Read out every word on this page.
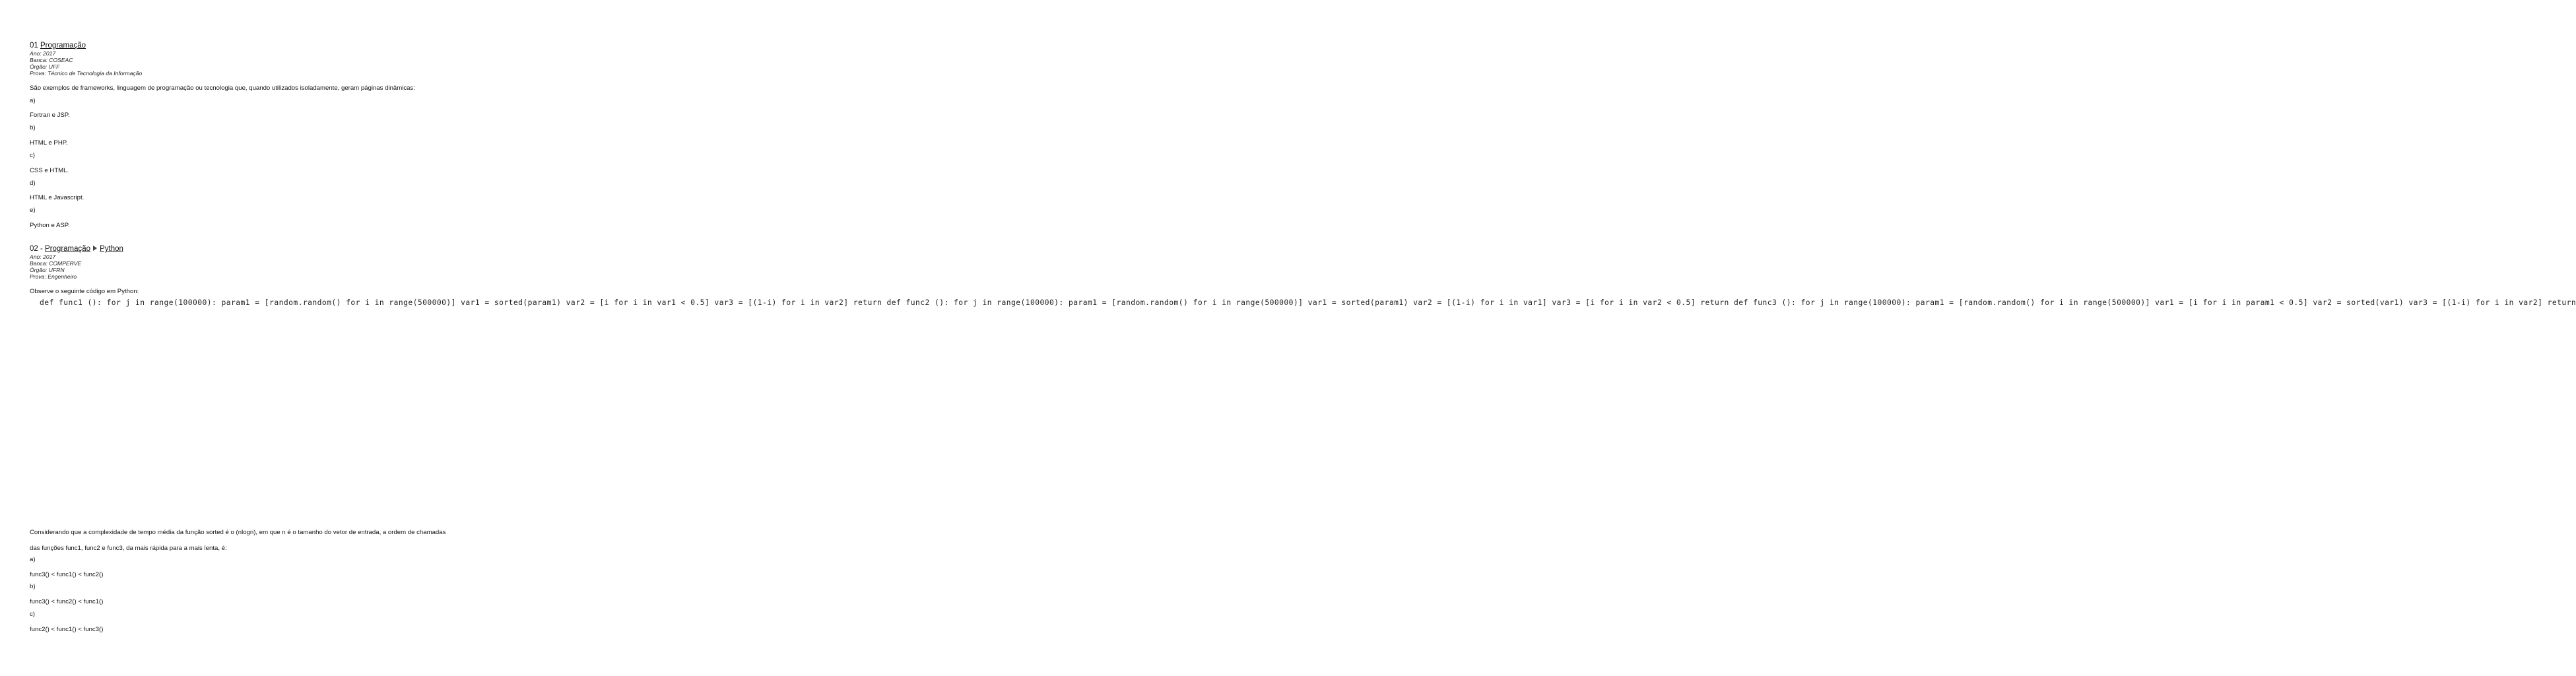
01 Programação
Ano: 2017
Banca: COSEAC
Órgão: UFF
Prova: Técnico de Tecnologia da Informação
São exemplos de frameworks, linguagem de programação ou tecnologia que, quando utilizados isoladamente, geram páginas dinâmicas:
a)
Fortran e JSP.
b)
HTML e PHP.
c)
CSS e HTML.
d)
HTML e Javascript.
e)
Python e ASP.
02 - Programação Python
Ano: 2017
Banca: COMPERVE
Órgão: UFRN
Prova: Engenheiro
Observe o seguinte código em Python:
def func1 (): for j in range(100000): param1 = [random.random() for i in range(500000)] var1 = sorted(param1) var2 = [i for i in var1 < 0.5] var3 = [(1-i) for i in var2] return def func2 (): for j in range(100000): param1 = [random.random() for i in range(500000)] var1 = sorted(param1) var2 = [(1-i) for i in var1] var3 = [i for i in var2 < 0.5] return def func3 (): for j in range(100000): param1 = [random.random() for i in range(500000)] var1 = [i for i in param1 < 0.5] var2 = sorted(var1) var3 = [(1-i) for i in var2] return
Considerando que a complexidade de tempo média da função sorted é o (nlogn), em que n é o tamanho do vetor de entrada, a ordem de chamadas
das funções func1, func2 e func3, da mais rápida para a mais lenta, é:
a)
func3() < func1() < func2()
b)
func3() < func2() < func1()
c)
func2() < func1() < func3()
